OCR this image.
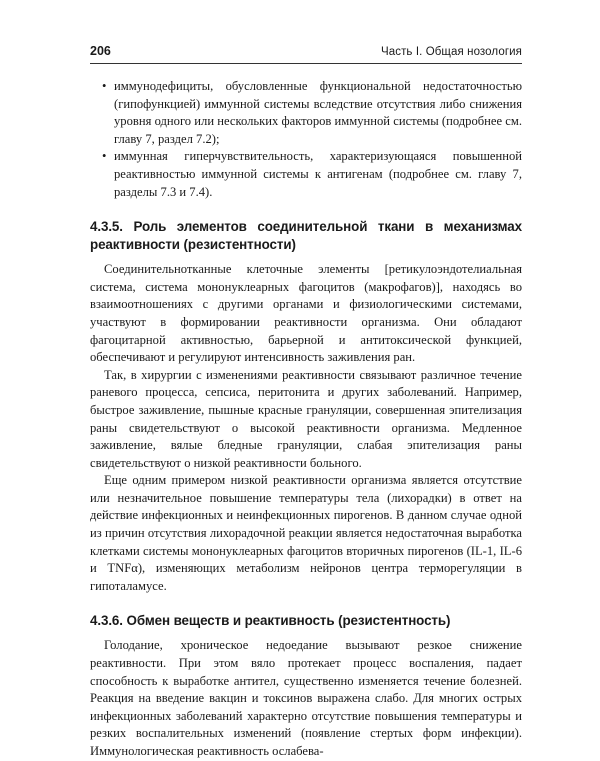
206	Часть I. Общая нозология
• иммунодефициты, обусловленные функциональной недостаточностью (гипофункцией) иммунной системы вследствие отсутствия либо снижения уровня одного или нескольких факторов иммунной системы (подробнее см. главу 7, раздел 7.2);
• иммунная гиперчувствительность, характеризующаяся повышенной реактивностью иммунной системы к антигенам (подробнее см. главу 7, разделы 7.3 и 7.4).
4.3.5. Роль элементов соединительной ткани в механизмах реактивности (резистентности)

Соединительнотканные клеточные элементы [ретикулоэндотелиальная система, система мононуклеарных фагоцитов (макрофагов)], находясь во взаимоотношениях с другими органами и физиологическими системами, участвуют в формировании реактивности организма. Они обладают фагоцитарной активностью, барьерной и антитоксической функцией, обеспечивают и регулируют интенсивность заживления ран.

Так, в хирургии с изменениями реактивности связывают различное течение раневого процесса, сепсиса, перитонита и других заболеваний. Например, быстрое заживление, пышные красные грануляции, совершенная эпителизация раны свидетельствуют о высокой реактивности организма. Медленное заживление, вялые бледные грануляции, слабая эпителизация раны свидетельствуют о низкой реактивности больного.

Еще одним примером низкой реактивности организма является отсутствие или незначительное повышение температуры тела (лихорадки) в ответ на действие инфекционных и неинфекционных пирогенов. В данном случае одной из причин отсутствия лихорадочной реакции является недостаточная выработка клетками системы мононуклеарных фагоцитов вторичных пирогенов (IL-1, IL-6 и TNFα), изменяющих метаболизм нейронов центра терморегуляции в гипоталамусе.

4.3.6. Обмен веществ и реактивность (резистентность)

Голодание, хроническое недоедание вызывают резкое снижение реактивности. При этом вяло протекает процесс воспаления, падает способность к выработке антител, существенно изменяется течение болезней. Реакция на введение вакцин и токсинов выражена слабо. Для многих острых инфекционных заболеваний характерно отсутствие повышения температуры и резких воспалительных изменений (появление стертых форм инфекции). Иммунологическая реактивность ослабева-
